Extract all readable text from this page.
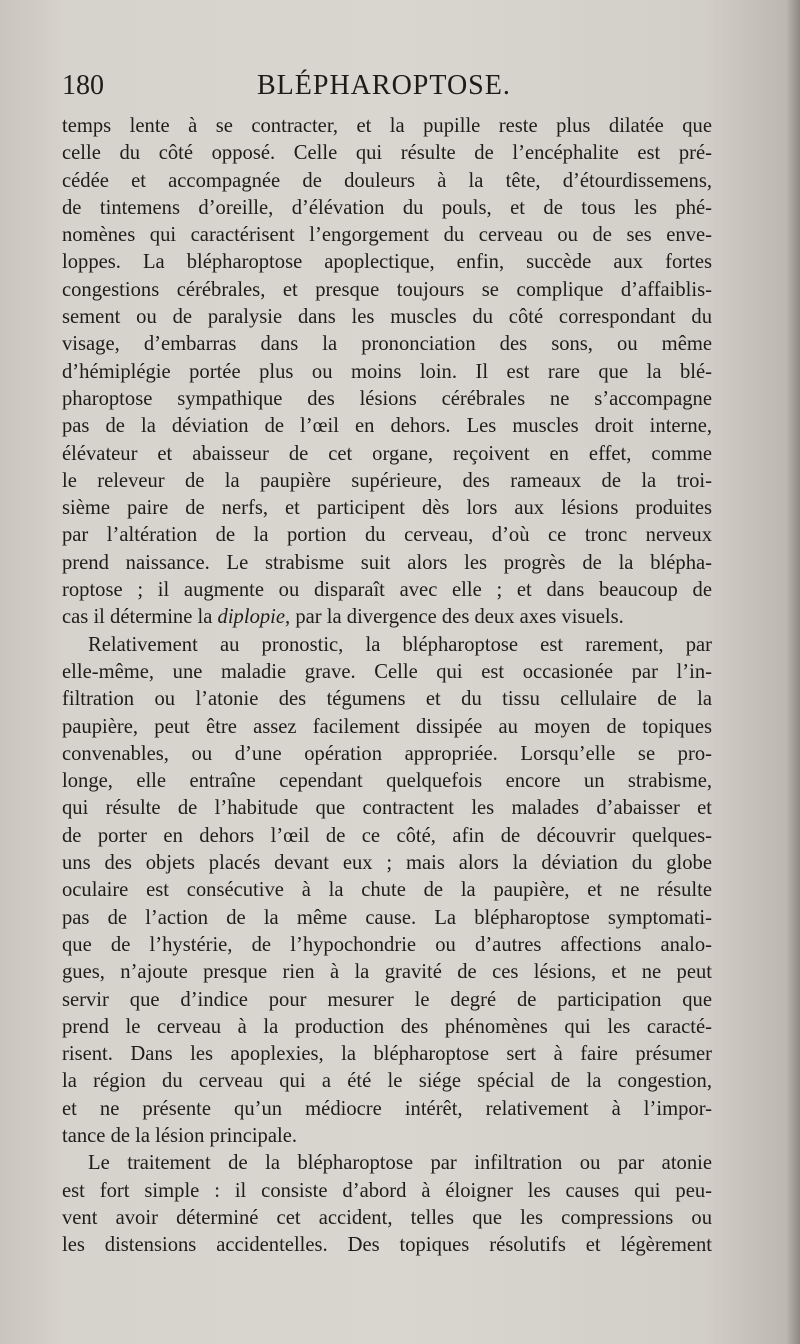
180	BLÉPHAROPTOSE.
temps lente à se contracter, et la pupille reste plus dilatée que
celle du côté opposé. Celle qui résulte de l’encéphalite est pré-
cédée et accompagnée de douleurs à la tête, d’étourdissemens,
de tintemens d’oreille, d’élévation du pouls, et de tous les phé-
nomènes qui caractérisent l’engorgement du cerveau ou de ses enve-
loppes. La blépharoptose apoplectique, enfin, succède aux fortes
congestions cérébrales, et presque toujours se complique d’affaiblis-
sement ou de paralysie dans les muscles du côté correspondant du
visage, d’embarras dans la prononciation des sons, ou même
d’hémiplégie portée plus ou moins loin. Il est rare que la blé-
pharoptose sympathique des lésions cérébrales ne s’accompagne
pas de la déviation de l’œil en dehors. Les muscles droit interne,
élévateur et abaisseur de cet organe, reçoivent en effet, comme
le releveur de la paupière supérieure, des rameaux de la troi-
sième paire de nerfs, et participent dès lors aux lésions produites
par l’altération de la portion du cerveau, d’où ce tronc nerveux
prend naissance. Le strabisme suit alors les progrès de la blépha-
roptose ; il augmente ou disparaît avec elle ; et dans beaucoup de
cas il détermine la diplopie, par la divergence des deux axes visuels.
Relativement au pronostic, la blépharoptose est rarement, par
elle-même, une maladie grave. Celle qui est occasionée par l’in-
filtration ou l’atonie des tégumens et du tissu cellulaire de la
paupière, peut être assez facilement dissipée au moyen de topiques
convenables, ou d’une opération appropriée. Lorsqu’elle se pro-
longe, elle entraîne cependant quelquefois encore un strabisme,
qui résulte de l’habitude que contractent les malades d’abaisser et
de porter en dehors l’œil de ce côté, afin de découvrir quelques-
uns des objets placés devant eux ; mais alors la déviation du globe
oculaire est consécutive à la chute de la paupière, et ne résulte
pas de l’action de la même cause. La blépharoptose symptomati-
que de l’hystérie, de l’hypochondrie ou d’autres affections analo-
gues, n’ajoute presque rien à la gravité de ces lésions, et ne peut
servir que d’indice pour mesurer le degré de participation que
prend le cerveau à la production des phénomènes qui les caracté-
risent. Dans les apoplexies, la blépharoptose sert à faire présumer
la région du cerveau qui a été le siége spécial de la congestion,
et ne présente qu’un médiocre intérêt, relativement à l’impor-
tance de la lésion principale.
Le traitement de la blépharoptose par infiltration ou par atonie
est fort simple : il consiste d’abord à éloigner les causes qui peu-
vent avoir déterminé cet accident, telles que les compressions ou
les distensions accidentelles. Des topiques résolutifs et légèrement
